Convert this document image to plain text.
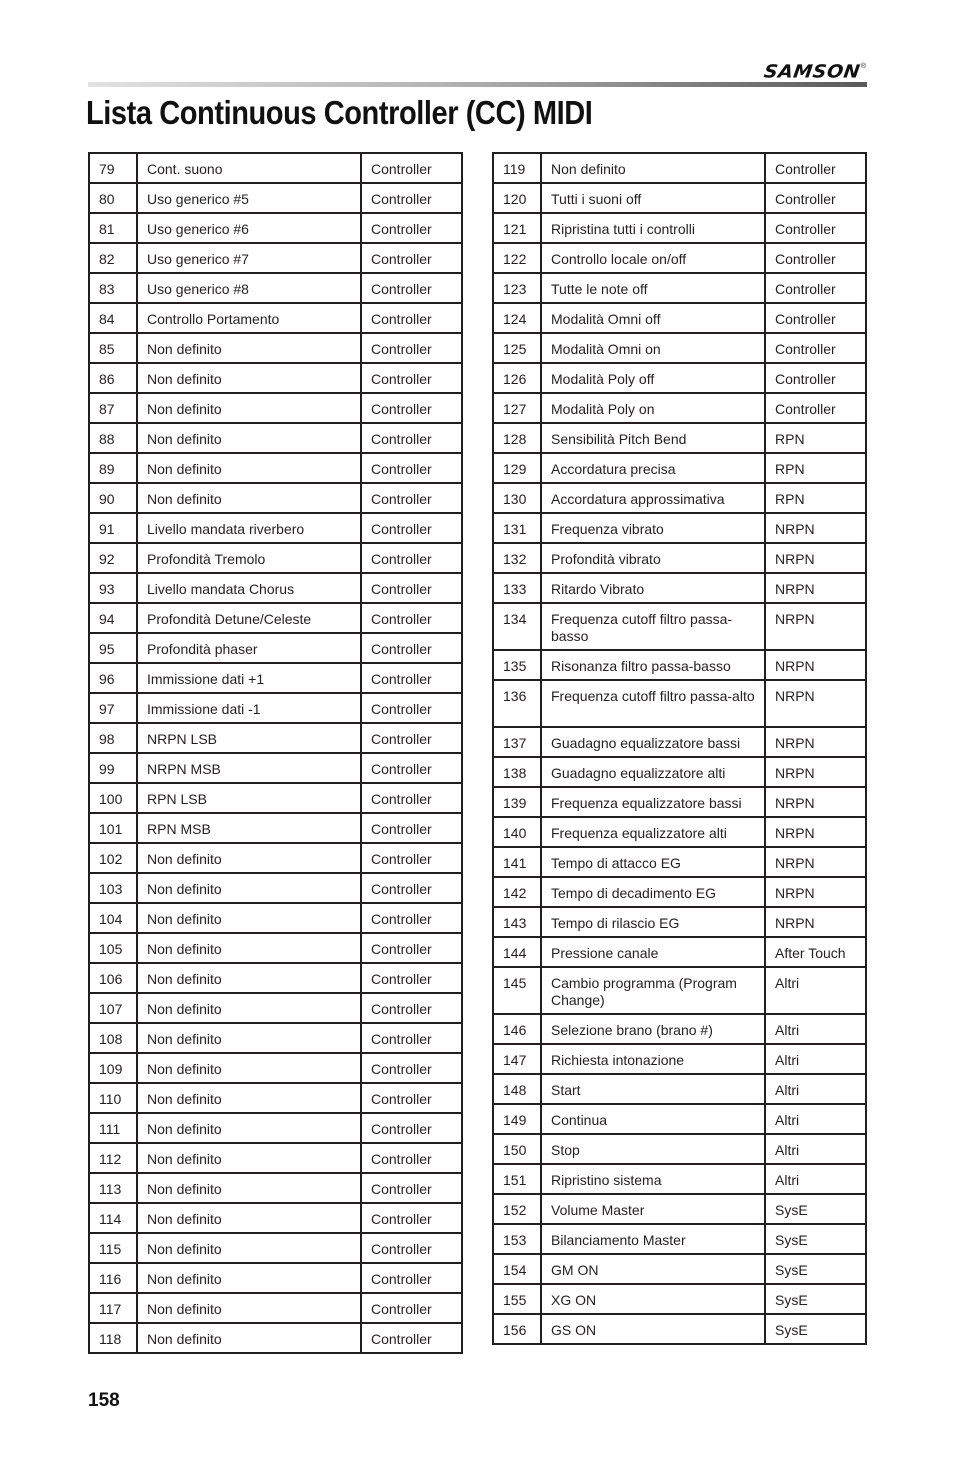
SAMSON ®
Lista Continuous Controller (CC) MIDI
79	Cont. suono	Controller
80	Uso generico #5	Controller
81	Uso generico #6	Controller
82	Uso generico #7	Controller
83	Uso generico #8	Controller
84	Controllo Portamento	Controller
85	Non definito	Controller
86	Non definito	Controller
87	Non definito	Controller
88	Non definito	Controller
89	Non definito	Controller
90	Non definito	Controller
91	Livello mandata riverbero	Controller
92	Profondità Tremolo	Controller
93	Livello mandata Chorus	Controller
94	Profondità Detune/Celeste	Controller
95	Profondità phaser	Controller
96	Immissione dati +1	Controller
97	Immissione dati -1	Controller
98	NRPN LSB	Controller
99	NRPN MSB	Controller
100	RPN LSB	Controller
101	RPN MSB	Controller
102	Non definito	Controller
103	Non definito	Controller
104	Non definito	Controller
105	Non definito	Controller
106	Non definito	Controller
107	Non definito	Controller
108	Non definito	Controller
109	Non definito	Controller
110	Non definito	Controller
111	Non definito	Controller
112	Non definito	Controller
113	Non definito	Controller
114	Non definito	Controller
115	Non definito	Controller
116	Non definito	Controller
117	Non definito	Controller
118	Non definito	Controller
119	Non definito	Controller
120	Tutti i suoni off	Controller
121	Ripristina tutti i controlli	Controller
122	Controllo locale on/off	Controller
123	Tutte le note off	Controller
124	Modalità Omni off	Controller
125	Modalità Omni on	Controller
126	Modalità Poly off	Controller
127	Modalità Poly on	Controller
128	Sensibilità Pitch Bend	RPN
129	Accordatura precisa	RPN
130	Accordatura approssimativa	RPN
131	Frequenza vibrato	NRPN
132	Profondità vibrato	NRPN
133	Ritardo Vibrato	NRPN
134	Frequenza cutoff filtro passa-basso	NRPN
135	Risonanza filtro passa-basso	NRPN
136	Frequenza cutoff filtro passa-alto	NRPN
137	Guadagno equalizzatore bassi	NRPN
138	Guadagno equalizzatore alti	NRPN
139	Frequenza equalizzatore bassi	NRPN
140	Frequenza equalizzatore alti	NRPN
141	Tempo di attacco EG	NRPN
142	Tempo di decadimento EG	NRPN
143	Tempo di rilascio EG	NRPN
144	Pressione canale	After Touch
145	Cambio programma (Program Change)	Altri
146	Selezione brano (brano #)	Altri
147	Richiesta intonazione	Altri
148	Start	Altri
149	Continua	Altri
150	Stop	Altri
151	Ripristino sistema	Altri
152	Volume Master	SysE
153	Bilanciamento Master	SysE
154	GM ON	SysE
155	XG ON	SysE
156	GS ON	SysE
158
